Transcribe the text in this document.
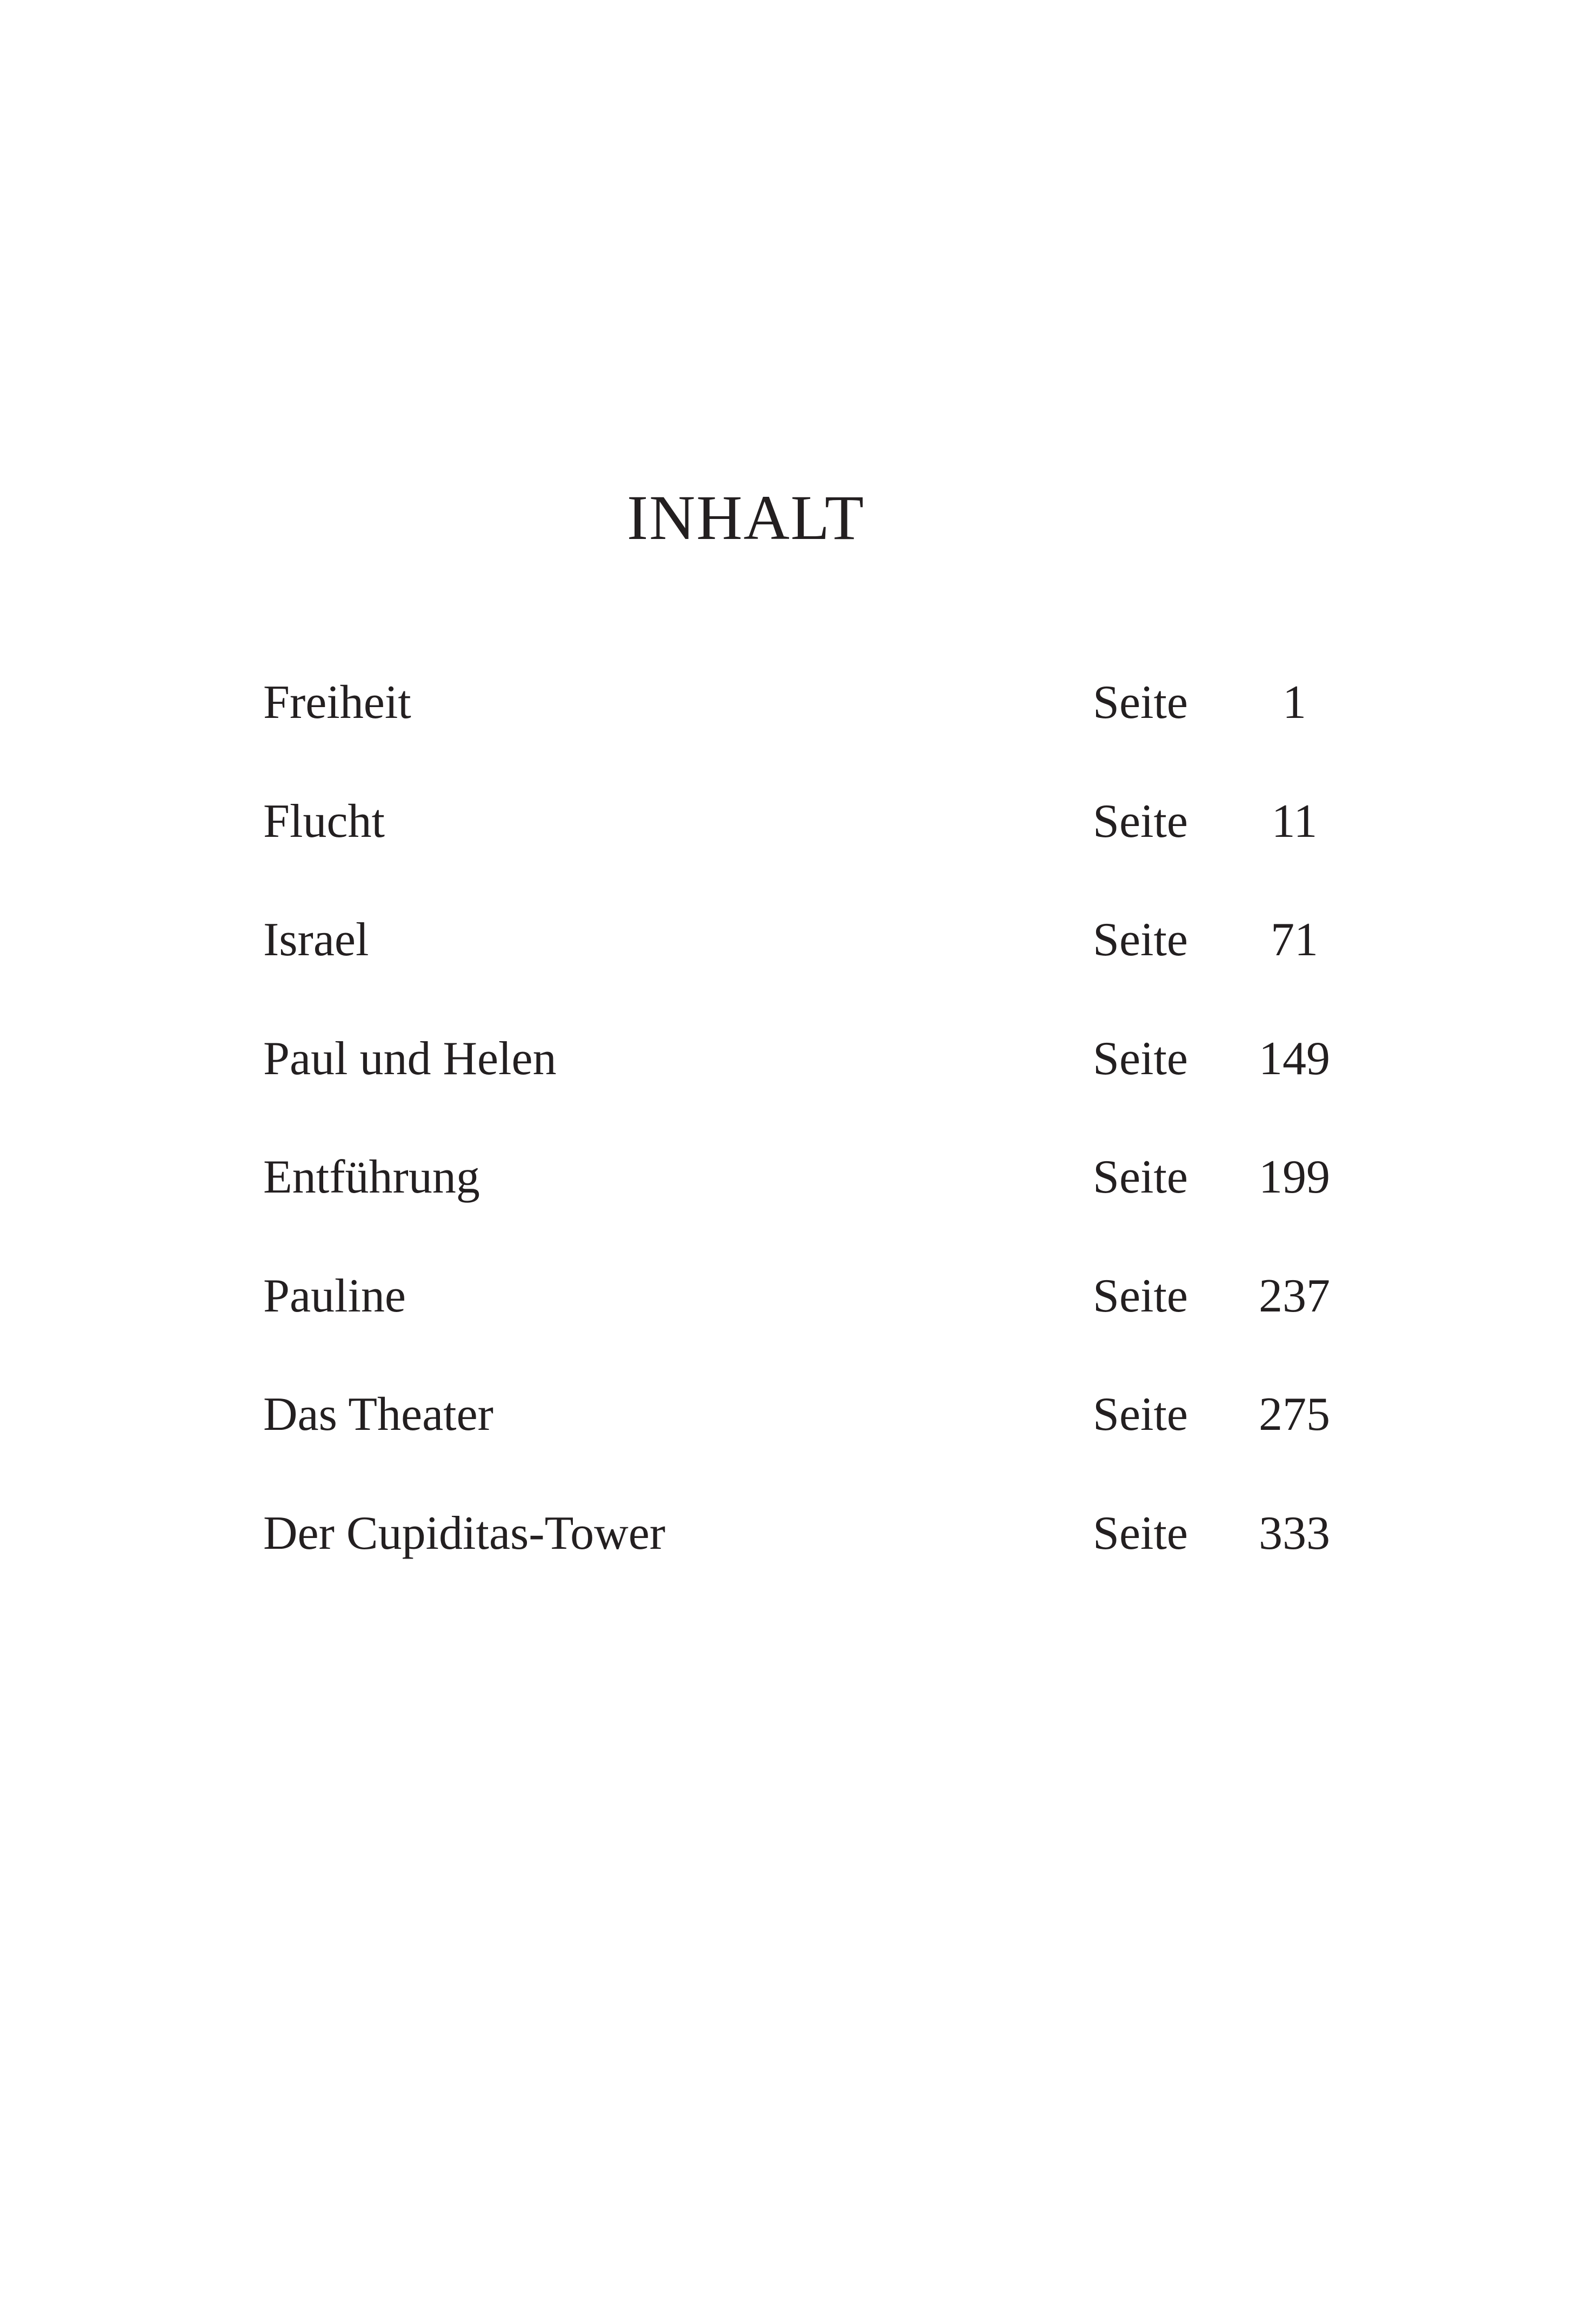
INHALT
Freiheit	Seite	1
Flucht	Seite	11
Israel	Seite	71
Paul und Helen	Seite 149
Entführung	Seite 199
Pauline	Seite 237
Das Theater	Seite 275
Der Cupiditas-Tower	Seite 333
